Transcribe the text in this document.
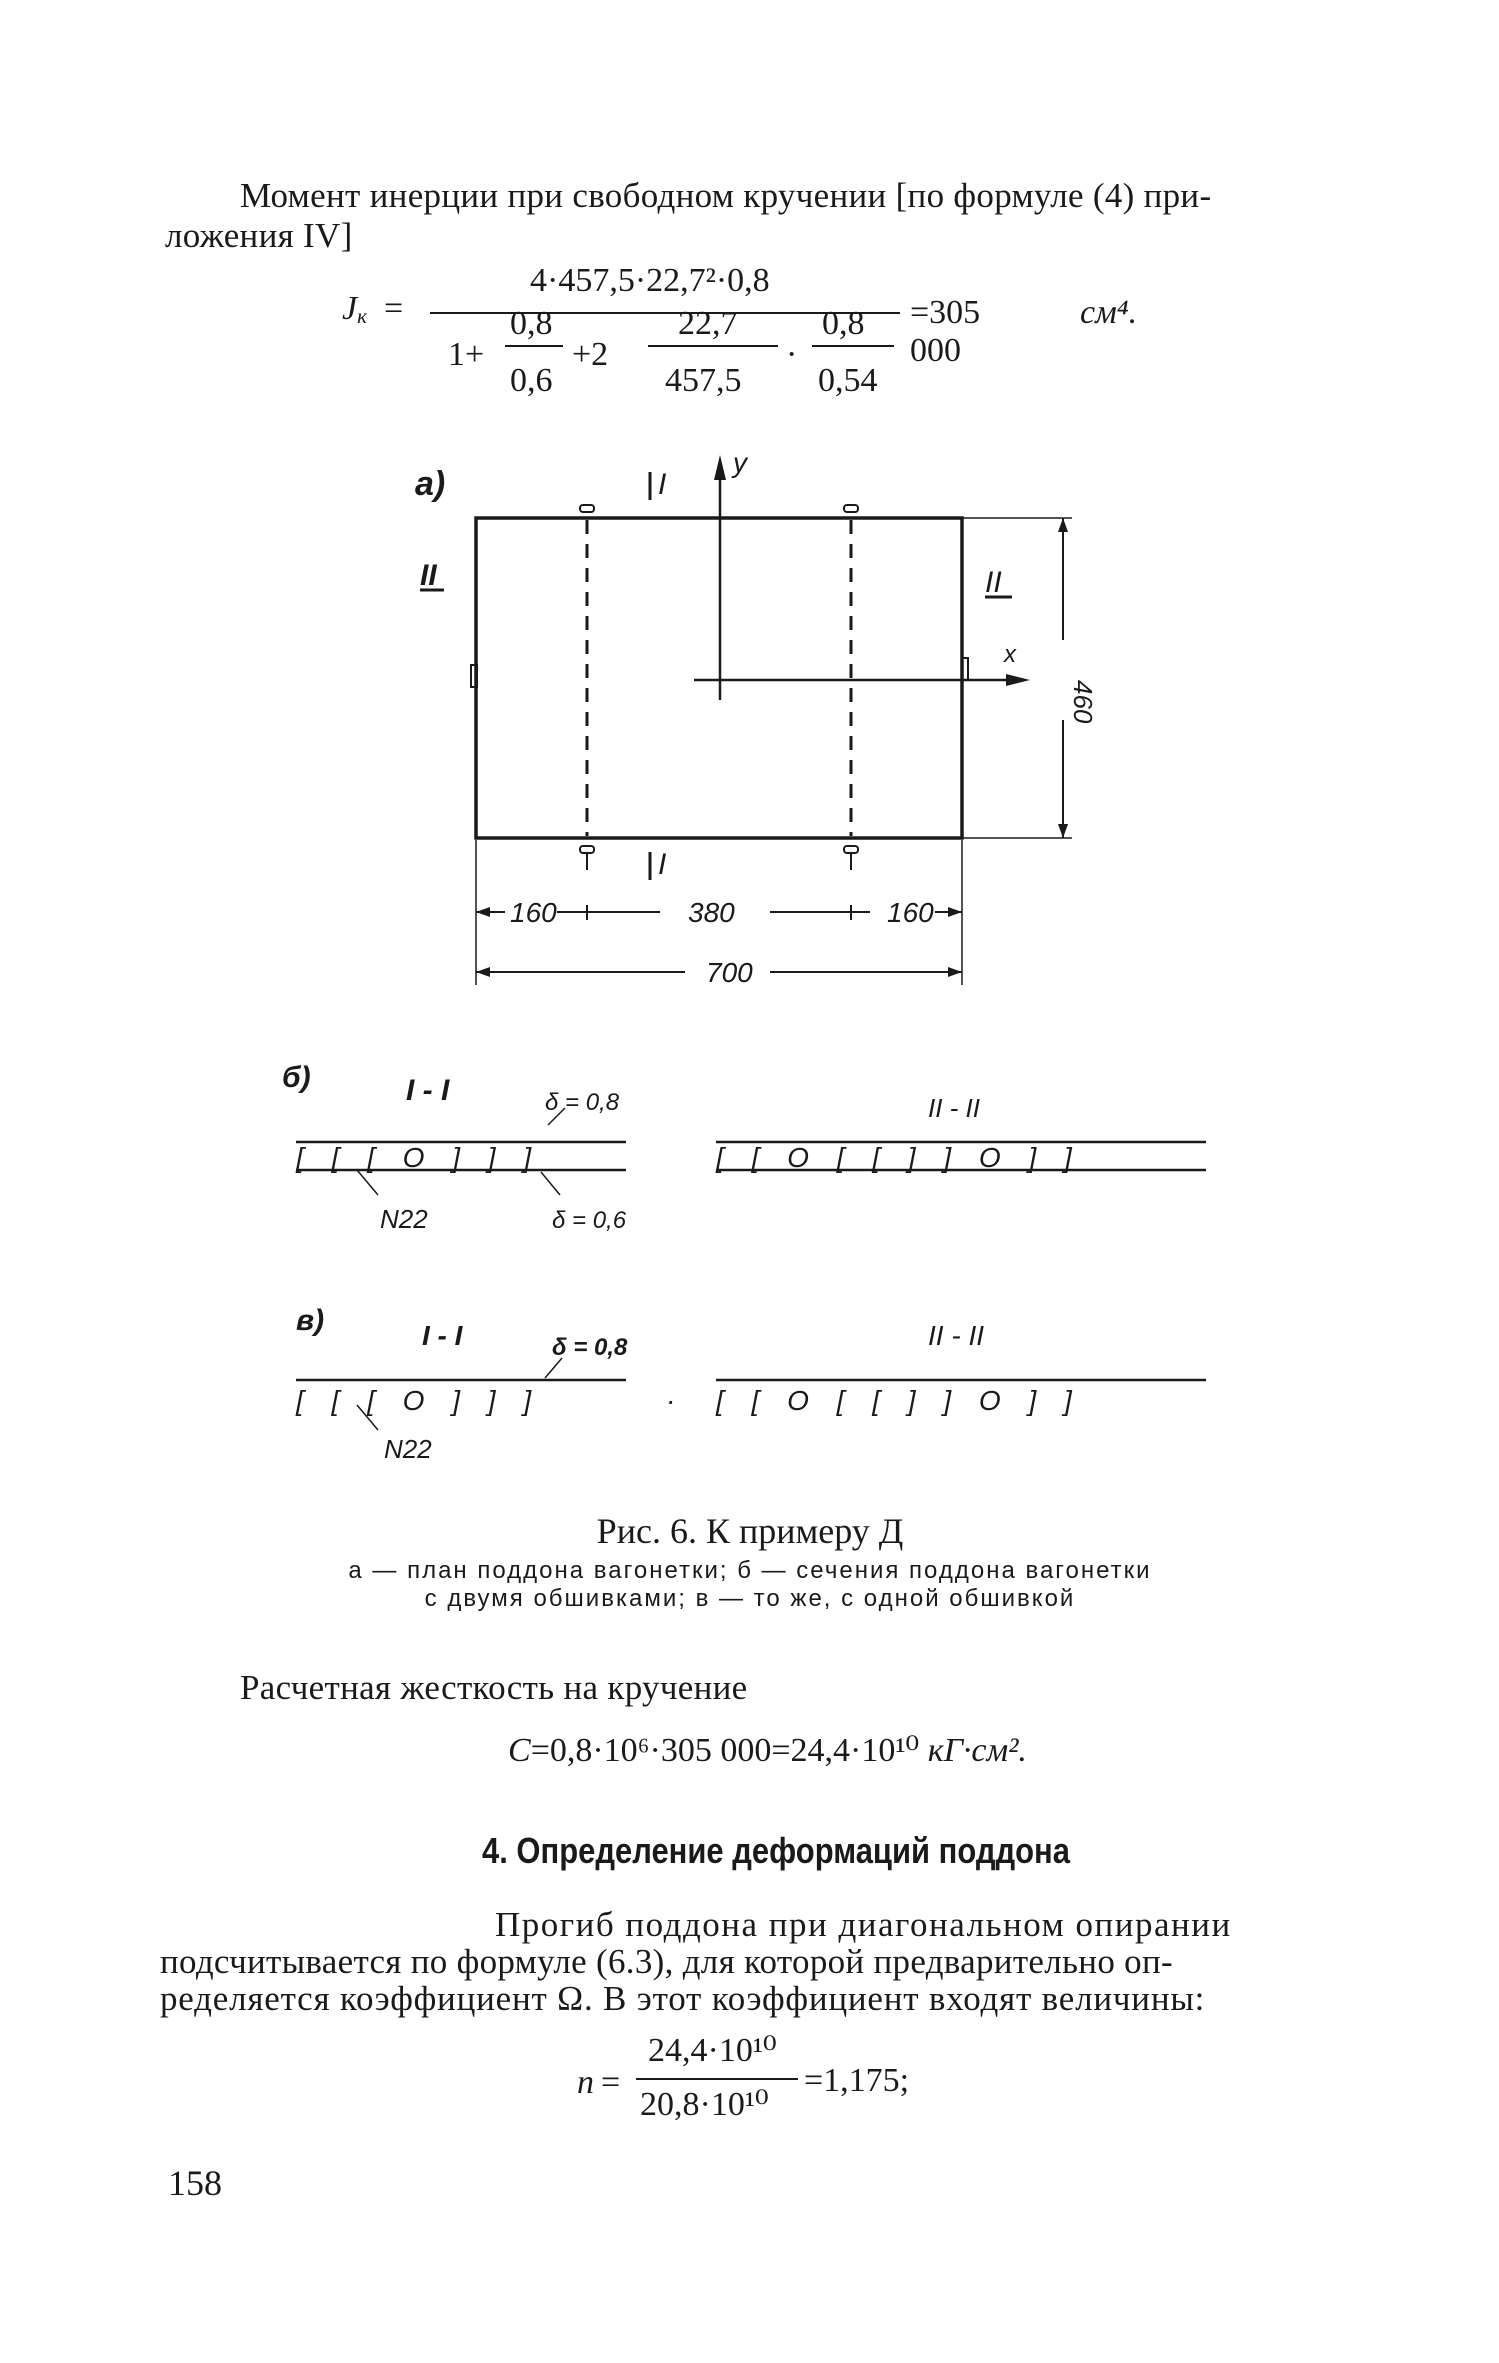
Момент инерции при свободном кручении [по формуле (4) при-
ложения IV]
$J_к$ =
4·457,5·22,7²·0,8
1+
0,8
0,6
+2
22,7
457,5
·
0,8
0,54
=305 000
см⁴.
а)	I
I
II	II
y
x
460
160	380	160
700
б)	I - I
II - II
δ = 0,8
δ = 0,6
N22
[ [ [ O ] ] ]	[ [ O [ [ ] ] O ] ]
в)	I - I	II - II
δ = 0,8
N22
[ [ [ O ] ] ]	· [ [ O [ [ ] ] O ] ]
Рис. 6. К примеру Д
а — план поддона вагонетки; б — сечения поддона вагонетки
с двумя обшивками; в — то же, с одной обшивкой
Расчетная жесткость на кручение
C=0,8·10⁶·305 000=24,4·10¹⁰ кГ·см².
4. Определение деформаций поддона
Прогиб поддона при диагональном опирании
подсчитывается по формуле (6.3), для которой предварительно оп-
ределяется коэффициент Ω. В этот коэффициент входят величины:
n =
24,4·10¹⁰
20,8·10¹⁰
=1,175;
158
